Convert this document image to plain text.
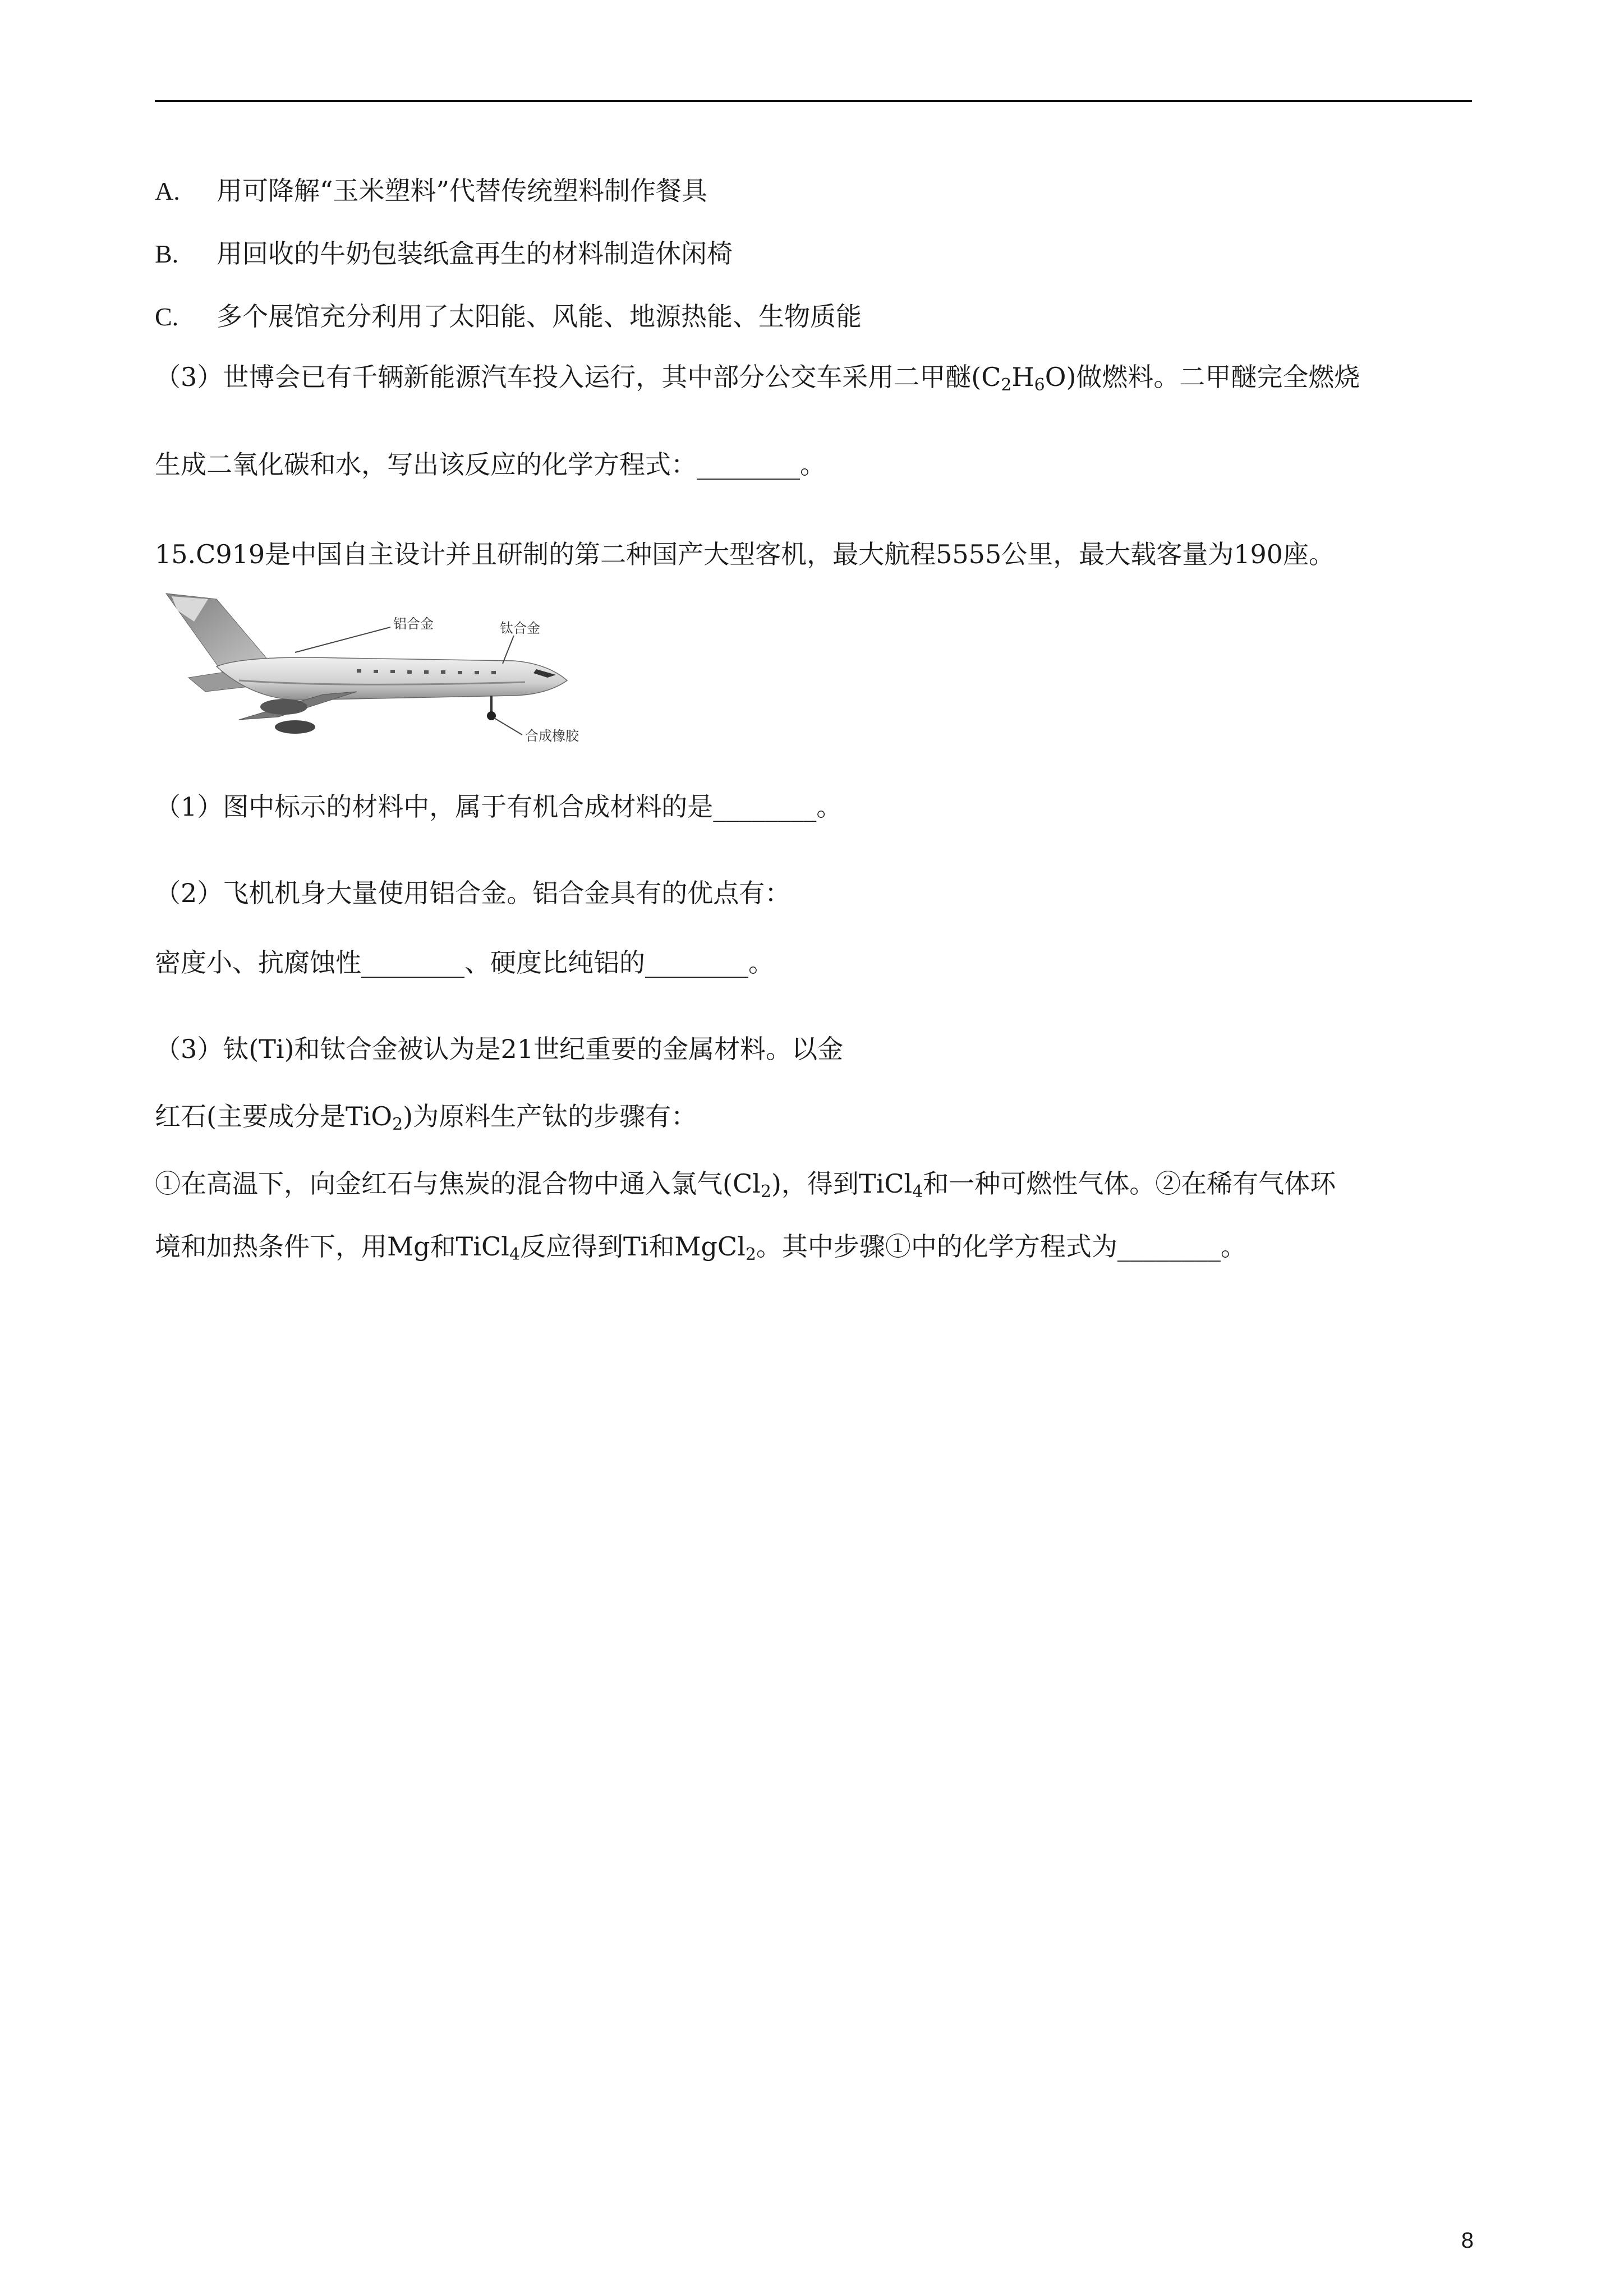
A. 用可降解“玉米塑料”代替传统塑料制作餐具
B. 用回收的牛奶包装纸盒再生的材料制造休闲椅
C. 多个展馆充分利用了太阳能、风能、地源热能、生物质能
（3）世博会已有千辆新能源汽车投入运行，其中部分公交车采用二甲醚$(C_2H_6O)$做燃料。二甲醚完全燃烧
生成二氧化碳和水，写出该反应的化学方程式：________。
15.C919是中国自主设计并且研制的第二种国产大型客机，最大航程5555公里，最大载客量为190座。
铝合金	钛合金
合成橡胶
（1）图中标示的材料中，属于有机合成材料的是________。
（2）飞机机身大量使用铝合金。铝合金具有的优点有：
密度小、抗腐蚀性________、硬度比纯铝的________。
（3）钛(Ti)和钛合金被认为是21世纪重要的金属材料。以金
红石(主要成分是TiO$_2$)为原料生产钛的步骤有：
①在高温下，向金红石与焦炭的混合物中通入氯气$(Cl_2)$，得到TiCl$_4$和一种可燃性气体。②在稀有气体环
境和加热条件下，用Mg和TiCl$_4$反应得到Ti和MgCl$_2$。其中步骤①中的化学方程式为________。
8
